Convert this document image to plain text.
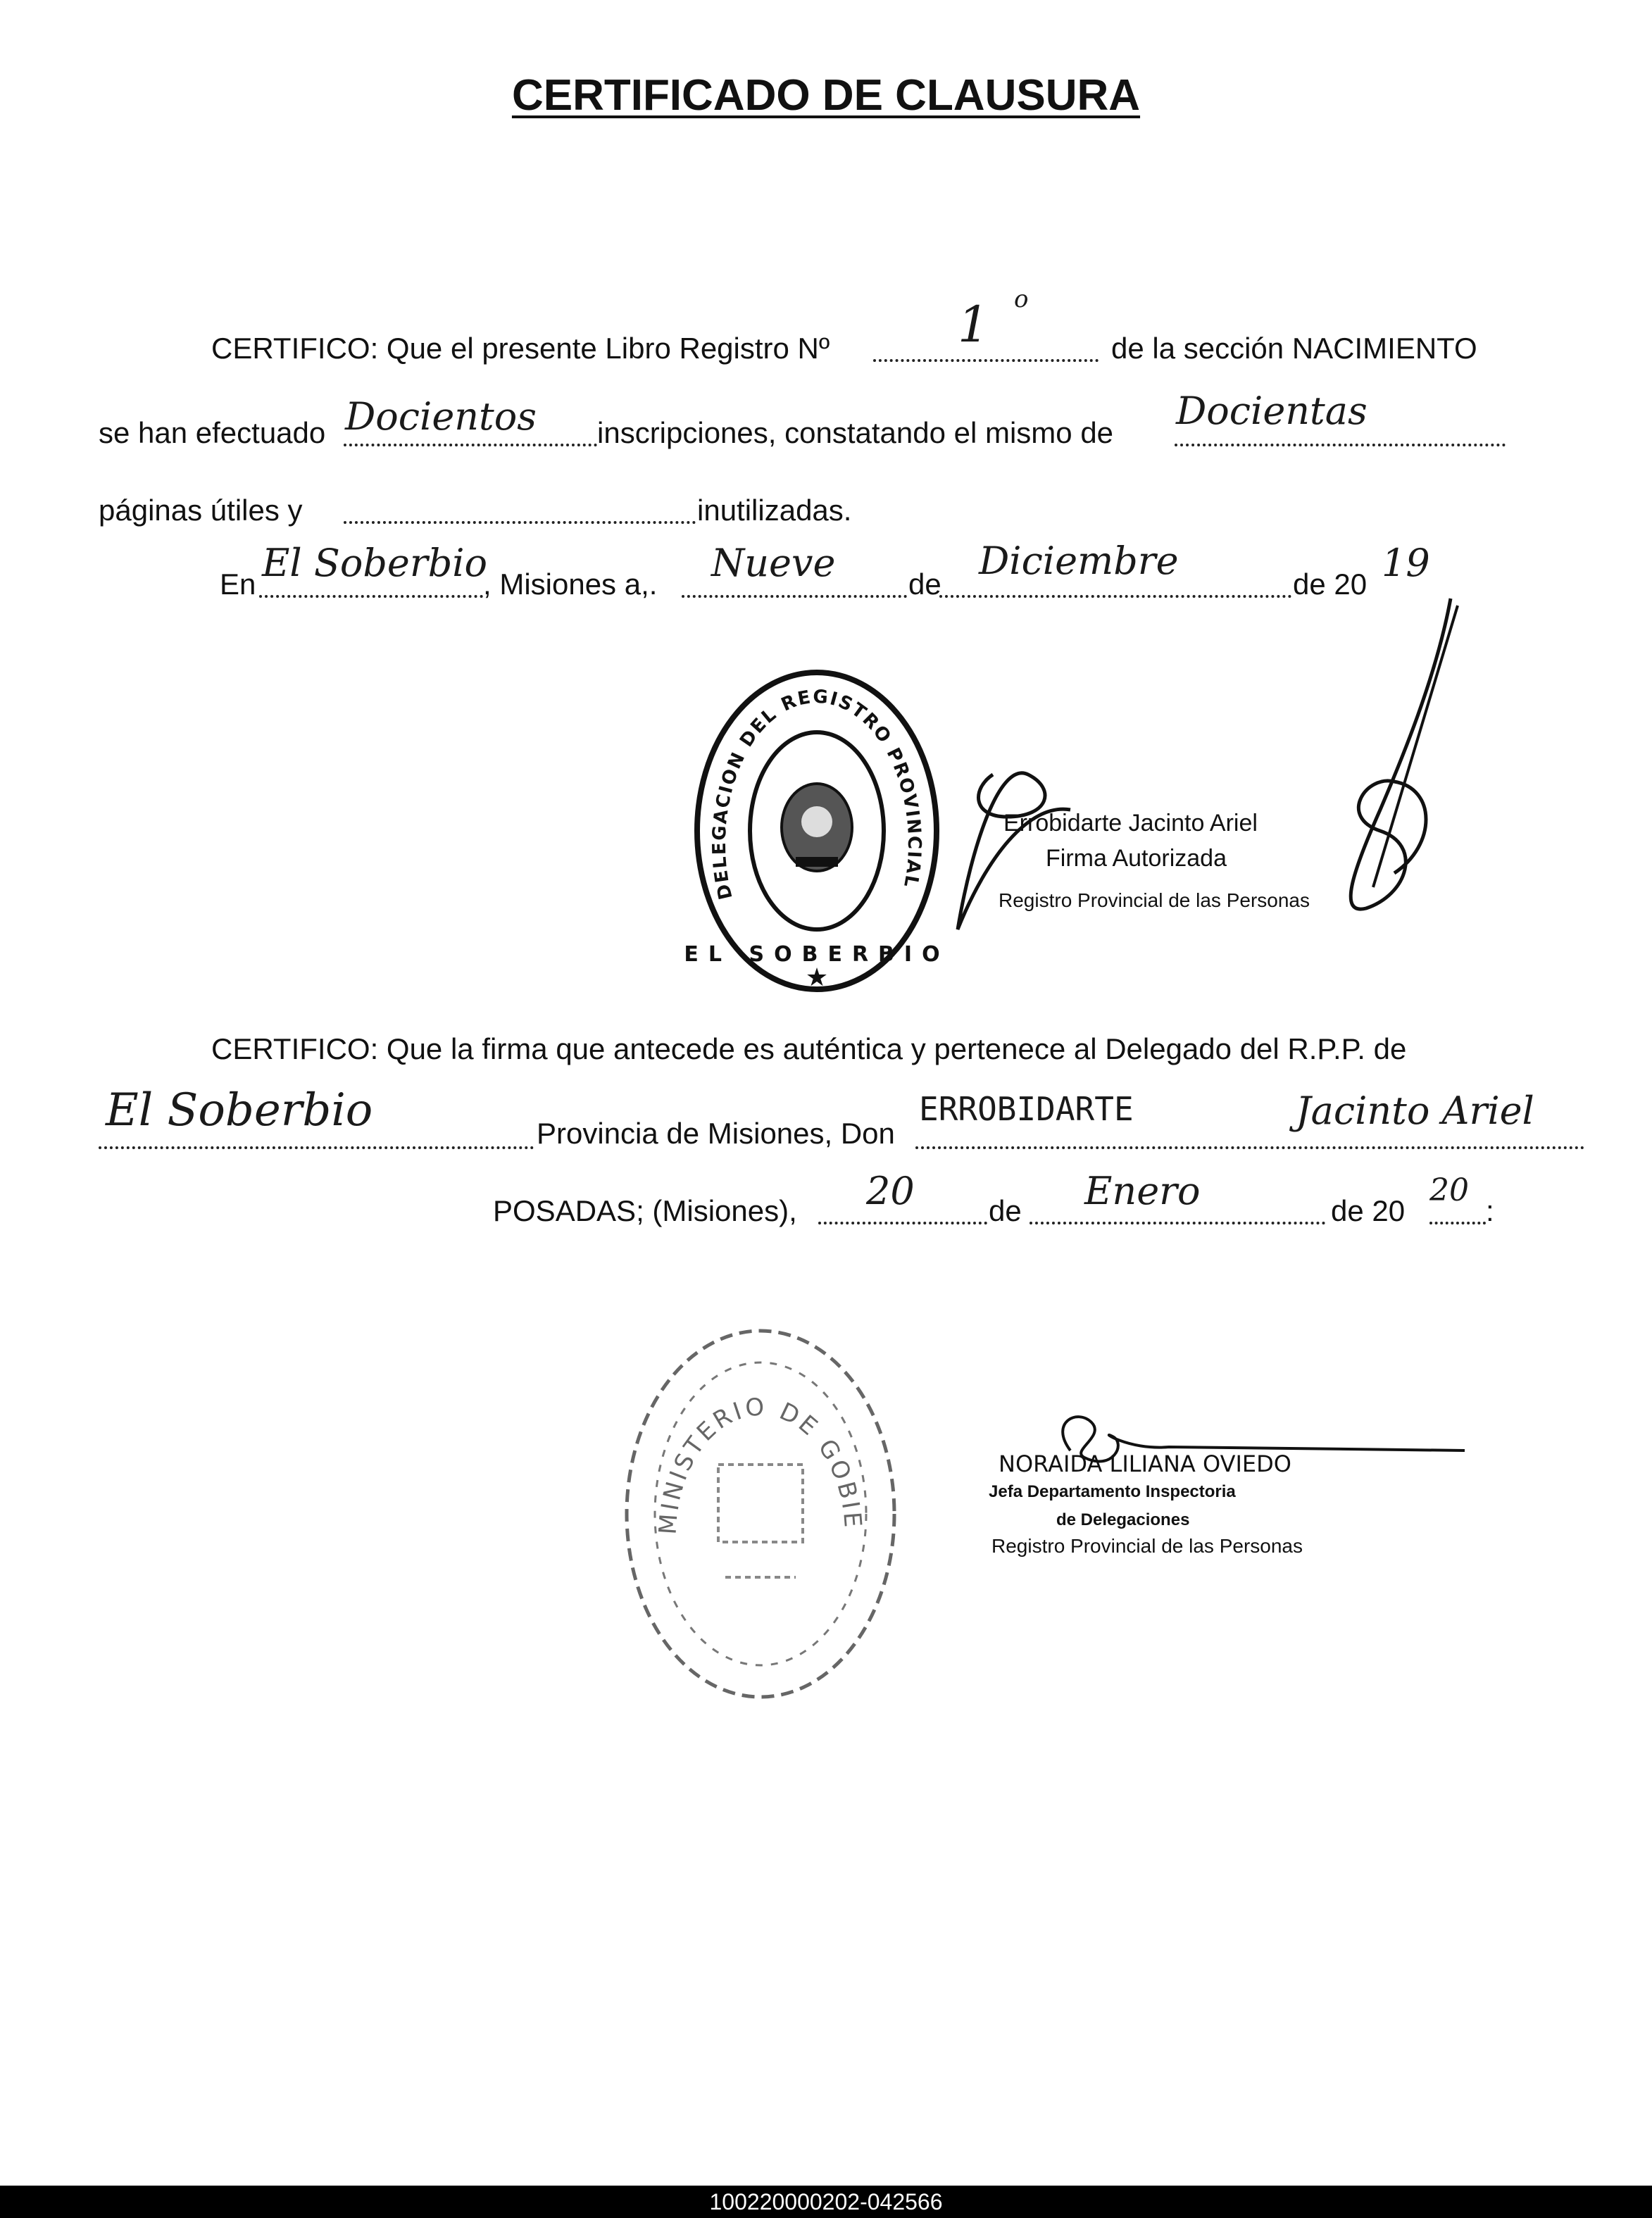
CERTIFICADO DE CLAUSURA
CERTIFICO: Que el presente Libro Registro Nº	1 o
de la sección NACIMIENTO
se han efectuado Docientos inscripciones, constatando el mismo de Docientas
páginas útiles y	inutilizadas.
En El Soberbio
, Misiones a,. Nueve de
Diciembre
de 20 19
DELEGACION DEL REGISTRO PROVINCIAL DE LAS PERSONAS
EL SOBERBIO
★
Errobidarte Jacinto Ariel
Firma Autorizada
Registro Provincial de las Personas
CERTIFICO: Que la firma que antecede es auténtica y pertenece al Delegado del R.P.P. de
El Soberbio	Provincia de Misiones, Don
ERROBIDARTE	Jacinto Ariel
POSADAS; (Misiones), 20	de Enero	de 20
20
:
MINISTERIO DE GOBIERNO
NORAIDA LILIANA OVIEDO
Jefa Departamento Inspectoria
de Delegaciones
Registro Provincial de las Personas
100220000202-042566
